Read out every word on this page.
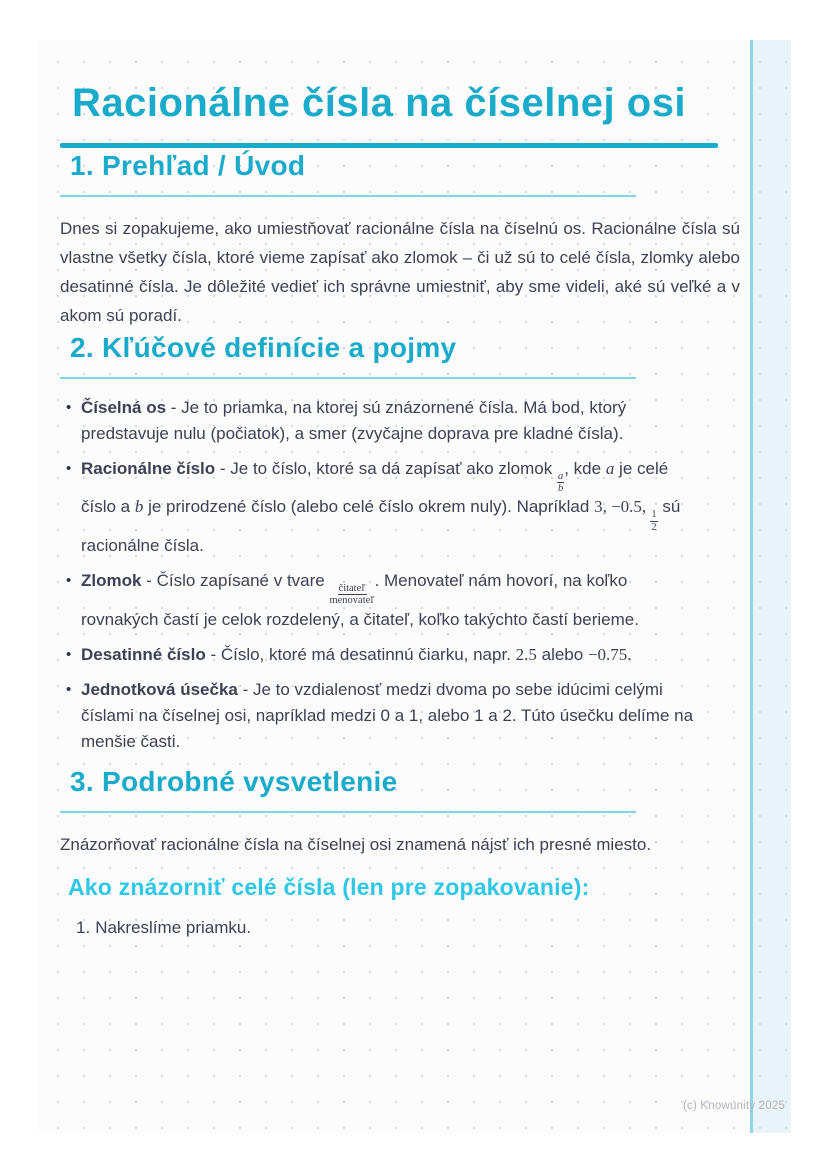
Racionálne čísla na číselnej osi
1. Prehľad / Úvod

Dnes si zopakujeme, ako umiestňovať racionálne čísla na číselnú os. Racionálne čísla sú vlastne všetky čísla, ktoré vieme zapísať ako zlomok – či už sú to celé čísla, zlomky alebo desatinné čísla. Je dôležité vedieť ich správne umiestniť, aby sme videli, aké sú veľké a v akom sú poradí.

2. Kľúčové definície a pojmy
• Číselná os - Je to priamka, na ktorej sú znázornené čísla. Má bod, ktorý predstavuje nulu (počiatok), a smer (zvyčajne doprava pre kladné čísla).
• Racionálne číslo - Je to číslo, ktoré sa dá zapísať ako zlomok
$\frac{a}{b}$
, kde a je celé číslo a b je prirodzené číslo (alebo celé číslo okrem nuly). Napríklad 3, −0.5,
$\frac{1}{2}$
sú racionálne čísla.
• Zlomok - Číslo zapísané v tvare
$\frac{\text{čitateľ}}{\text{menovateľ}}$
. Menovateľ nám hovorí, na koľko rovnakých častí je celok rozdelený, a čitateľ, koľko takýchto častí berieme.
• Desatinné číslo - Číslo, ktoré má desatinnú čiarku, napr. 2.5 alebo −0.75.
• Jednotková úsečka - Je to vzdialenosť medzi dvoma po sebe idúcimi celými číslami na číselnej osi, napríklad medzi 0 a 1, alebo 1 a 2. Túto úsečku delíme na menšie časti.
3. Podrobné vysvetlenie

Znázorňovať racionálne čísla na číselnej osi znamená nájsť ich presné miesto.

Ako znázorniť celé čísla (len pre zopakovanie):
1. Nakreslíme priamku.
(c) Knowunity 2025
